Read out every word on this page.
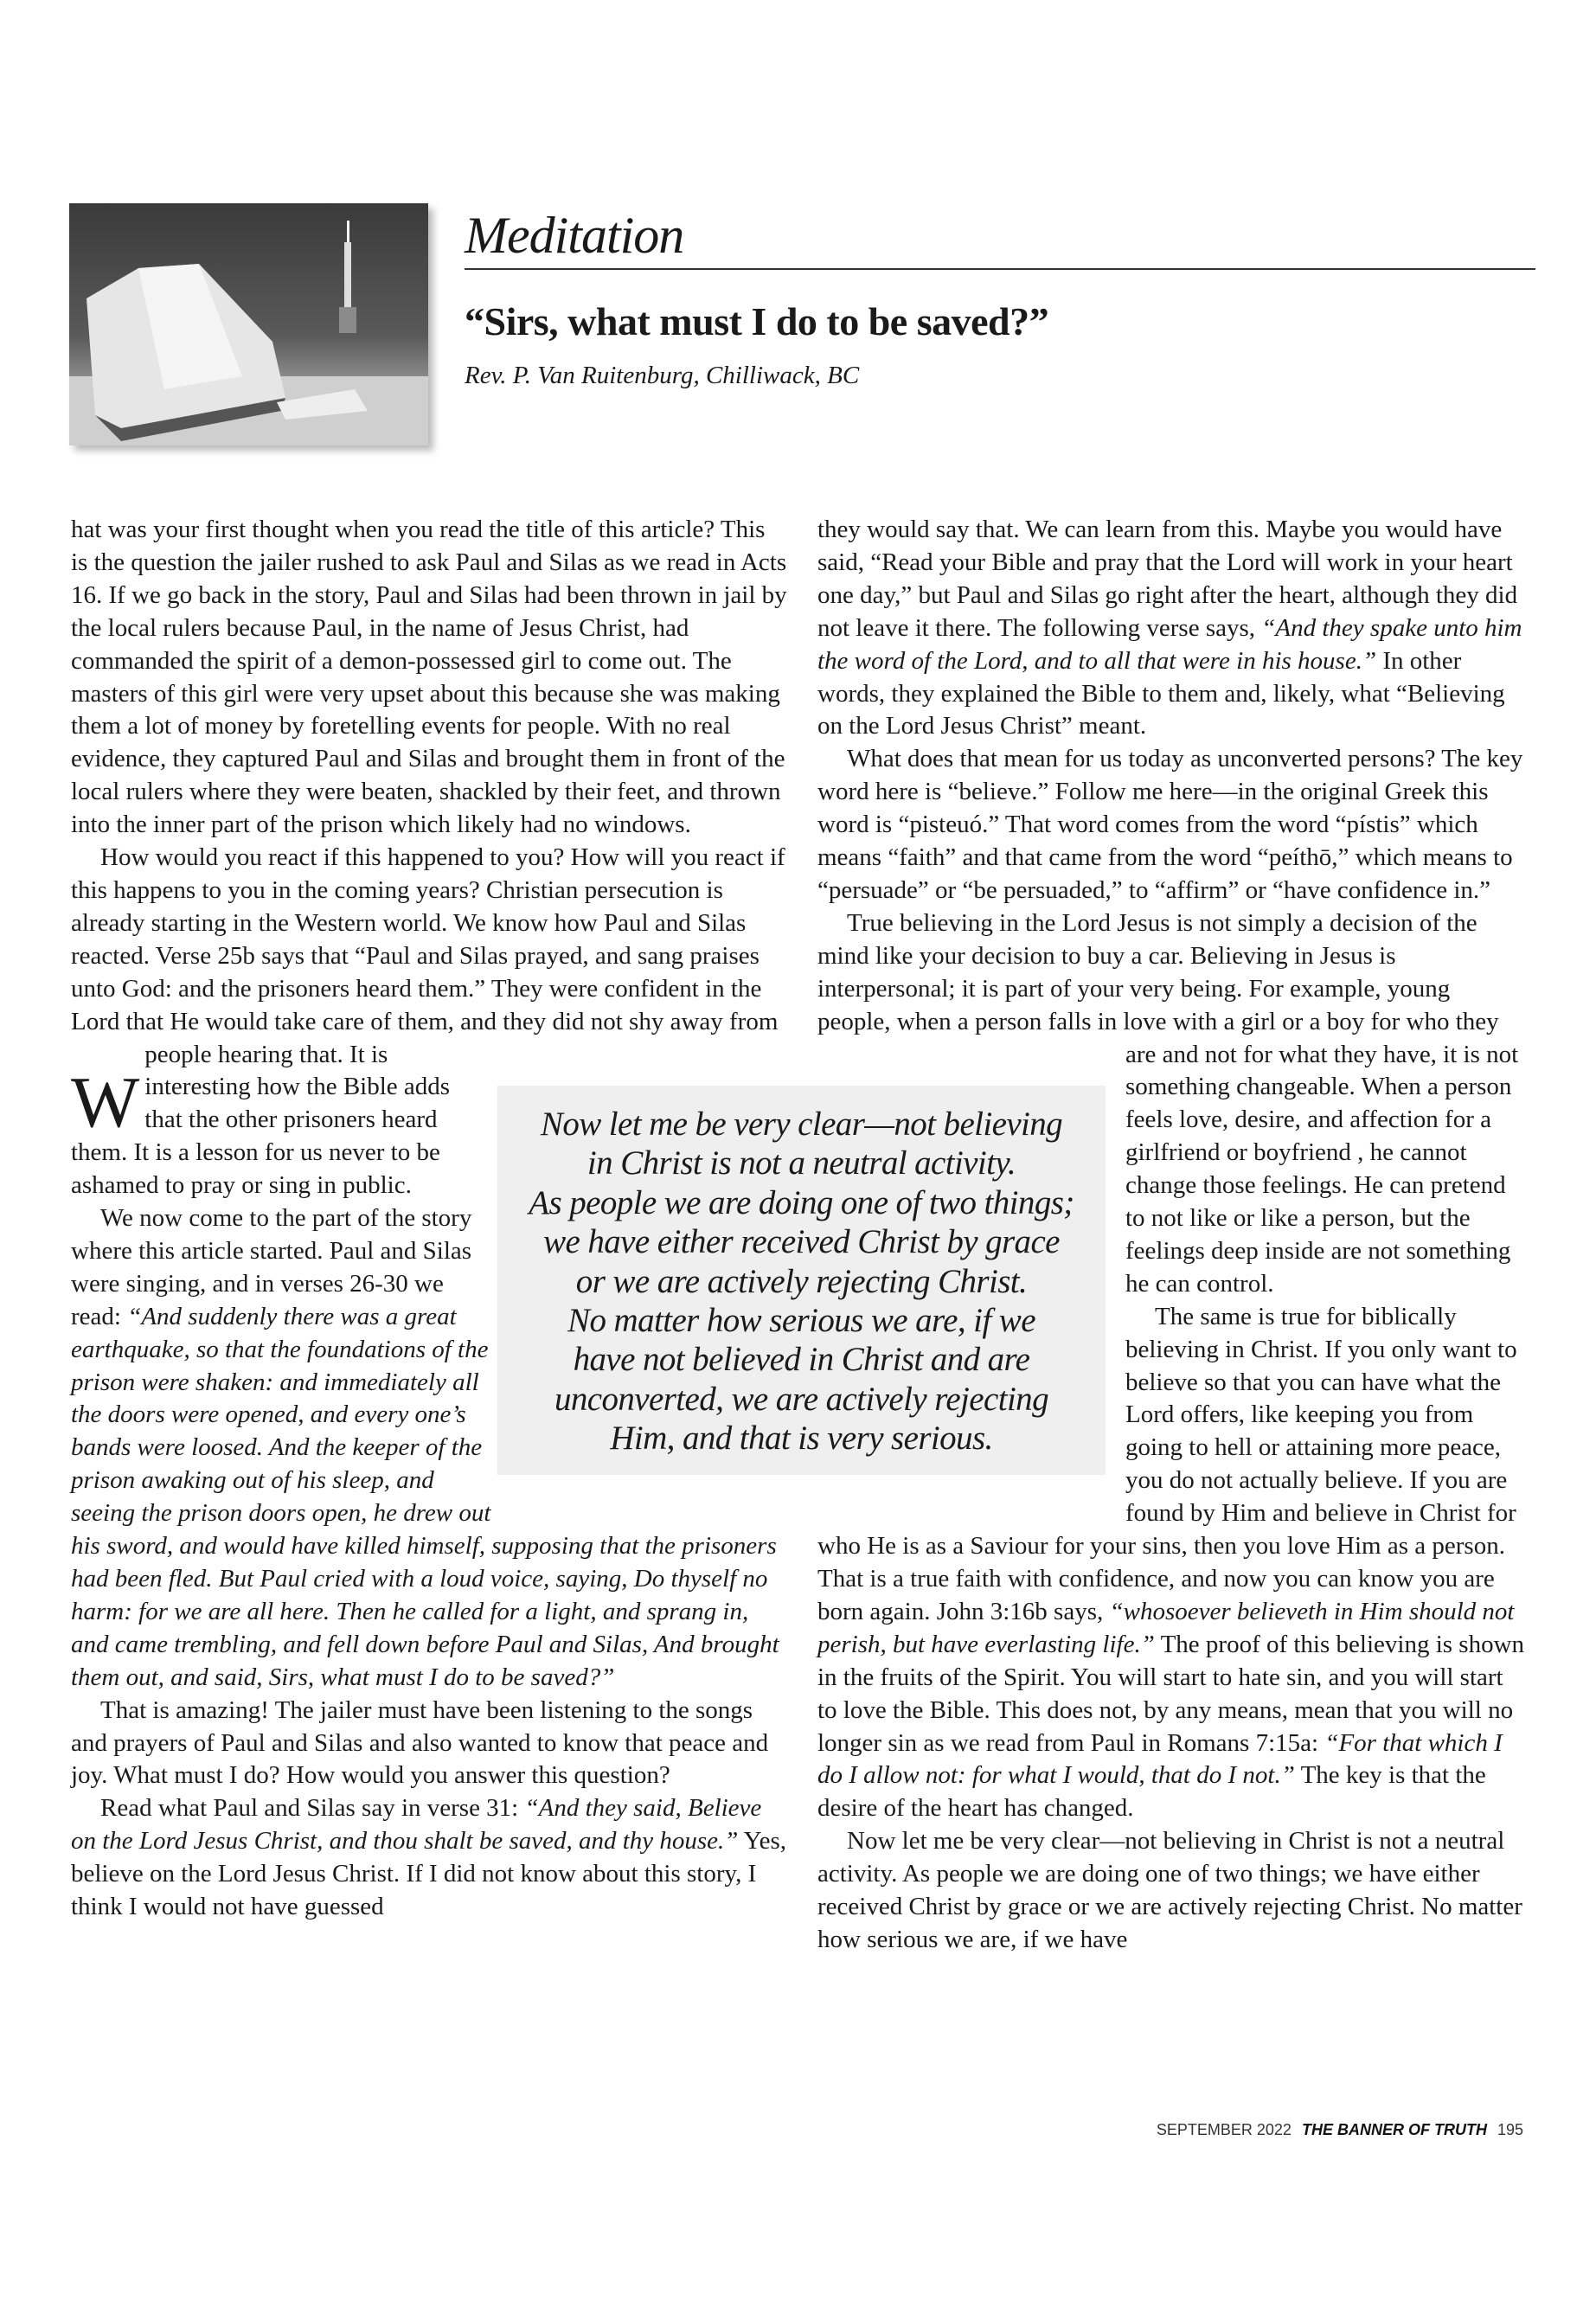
Meditation
“Sirs, what must I do to be saved?”
Rev. P. Van Ruitenburg, Chilliwack, BC

W
hat was your first thought when you read the title of this article? This is the question the jailer rushed to ask Paul and Silas as we read in Acts 16. If we go back in the story, Paul and Silas had been thrown in jail by the local rulers because Paul, in the name of Jesus Christ, had commanded the spirit of a demon-possessed girl to come out. The masters of this girl were very upset about this because she was making them a lot of money by foretelling events for people. With no real evidence, they captured Paul and Silas and brought them in front of the local rulers where they were beaten, shackled by their feet, and thrown into the inner part of the prison which likely had no windows.

How would you react if this happened to you? How will you react if this happens to you in the coming years? Christian persecution is already starting in the Western world. We know how Paul and Silas reacted. Verse 25b says that “Paul and Silas prayed, and sang praises unto God: and the prisoners heard them.” They were confident in the Lord that He would take care of them, and they did not shy away from people hearing that. It is interesting how the Bible adds that the other prisoners heard them. It is a lesson for us never to be ashamed to pray or sing in public.

We now come to the part of the story where this article started. Paul and Silas were singing, and in verses 26-30 we read: “And suddenly there was a great earthquake, so that the foundations of the prison were shaken: and immediately all the doors were opened, and every one’s bands were loosed. And the keeper of the prison awaking out of his sleep, and seeing the prison doors open, he drew out his sword, and would have killed himself, supposing that the prisoners had been fled. But Paul cried with a loud voice, saying, Do thyself no harm: for we are all here. Then he called for a light, and sprang in, and came trembling, and fell down before Paul and Silas, And brought them out, and said, Sirs, what must I do to be saved?”

That is amazing! The jailer must have been listening to the songs and prayers of Paul and Silas and also wanted to know that peace and joy. What must I do? How would you answer this question?

Read what Paul and Silas say in verse 31: “And they said, Believe on the Lord Jesus Christ, and thou shalt be saved, and thy house.” Yes, believe on the Lord Jesus Christ. If I did not know about this story, I think I would not have guessed

they would say that. We can learn from this. Maybe you would have said, “Read your Bible and pray that the Lord will work in your heart one day,” but Paul and Silas go right after the heart, although they did not leave it there. The following verse says, “And they spake unto him the word of the Lord, and to all that were in his house.” In other words, they explained the Bible to them and, likely, what “Believing on the Lord Jesus Christ” meant.

What does that mean for us today as unconverted persons? The key word here is “believe.” Follow me here—in the original Greek this word is “pisteuó.” That word comes from the word “pístis” which means “faith” and that came from the word “peíthō,” which means to “persuade” or “be persuaded,” to “affirm” or “have confidence in.”

True believing in the Lord Jesus is not simply a decision of the mind like your decision to buy a car. Believing in Jesus is interpersonal; it is part of your very being. For example, young people, when a person falls in love with a girl or a boy for who they are and not for what they have, it is not something changeable. When a person feels love, desire, and affection for a girlfriend or boyfriend , he cannot change those feelings. He can pretend to not like or like a person, but the feelings deep inside are not something he can control.

The same is true for biblically believing in Christ. If you only want to believe so that you can have what the Lord offers, like keeping you from going to hell or attaining more peace, you do not actually believe. If you are found by Him and believe in Christ for who He is as a Saviour for your sins, then you love Him as a person. That is a true faith with confidence, and now you can know you are born again. John 3:16b says, “whosoever believeth in Him should not perish, but have everlasting life.” The proof of this believing is shown in the fruits of the Spirit. You will start to hate sin, and you will start to love the Bible. This does not, by any means, mean that you will no longer sin as we read from Paul in Romans 7:15a: “For that which I do I allow not: for what I would, that do I not.” The key is that the desire of the heart has changed.

Now let me be very clear—not believing in Christ is not a neutral activity. As people we are doing one of two things; we have either received Christ by grace or we are actively rejecting Christ. No matter how serious we are, if we have

Now let me be very clear—not believing
in Christ is not a neutral activity.
As people we are doing one of two things;
we have either received Christ by grace
or we are actively rejecting Christ.
No matter how serious we are, if we
have not believed in Christ and are
unconverted, we are actively rejecting
Him, and that is very serious.
SEPTEMBER 2022 THE BANNER OF TRUTH 195
